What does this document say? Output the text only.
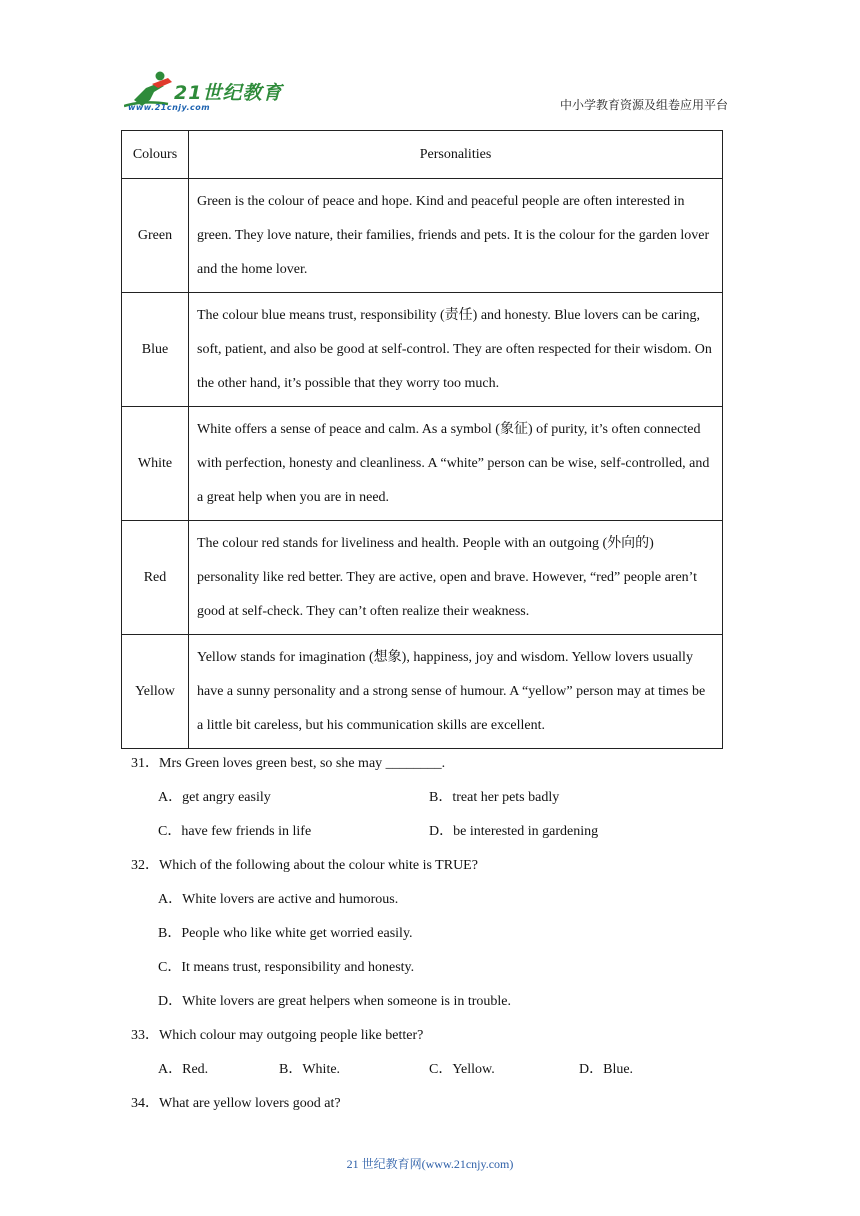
21世纪教育
www.21cnjy.com	中小学教育资源及组卷应用平台
Colours	Personalities
Green	Green is the colour of peace and hope. Kind and peaceful people are often interested in green. They love nature, their families, friends and pets. It is the colour for the garden lover and the home lover.
Blue	The colour blue means trust, responsibility (责任) and honesty. Blue lovers can be caring, soft, patient, and also be good at self-control. They are often respected for their wisdom. On the other hand, it’s possible that they worry too much.
White	White offers a sense of peace and calm. As a symbol (象征) of purity, it’s often connected with perfection, honesty and cleanliness. A “white” person can be wise, self-controlled, and a great help when you are in need.
Red	The colour red stands for liveliness and health. People with an outgoing (外向的) personality like red better. They are active, open and brave. However, “red” people aren’t good at self-check. They can’t often realize their weakness.
Yellow	Yellow stands for imagination (想象), happiness, joy and wisdom. Yellow lovers usually have a sunny personality and a strong sense of humour. A “yellow” person may at times be a little bit careless, but his communication skills are excellent.
31．Mrs Green loves green best, so she may ________.
A．get angry easily	B．treat her pets badly
C．have few friends in life	D．be interested in gardening
32．Which of the following about the colour white is TRUE?
A．White lovers are active and humorous.
B．People who like white get worried easily.
C．It means trust, responsibility and honesty.
D．White lovers are great helpers when someone is in trouble.
33．Which colour may outgoing people like better?
A．Red.	B．White.	C．Yellow.	D．Blue.
34．What are yellow lovers good at?
21 世纪教育网(www.21cnjy.com)
